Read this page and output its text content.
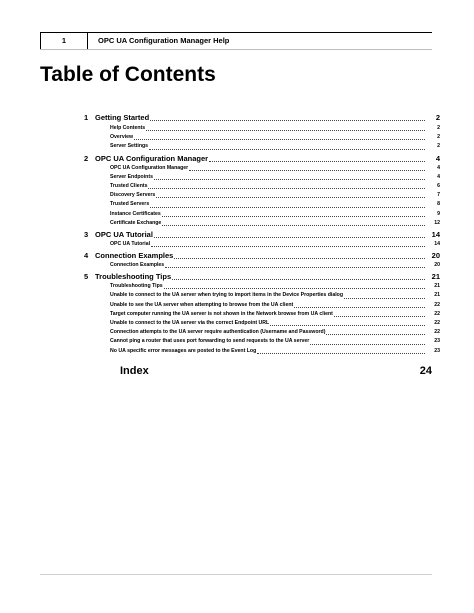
1	OPC UA Configuration Manager Help
Table of Contents
1 Getting Started	2
Help Contents	2
Overview	2
Server Settings	2
2 OPC UA Configuration Manager	4
OPC UA Configuration Manager	4
Server Endpoints	4
Trusted Clients	6
Discovery Servers	7
Trusted Servers	8
Instance Certificates	9
Certificate Exchange	12
3 OPC UA Tutorial	14
OPC UA Tutorial	14
4 Connection Examples	20
Connection Examples	20
5 Troubleshooting Tips	21
Troubleshooting Tips	21
Unable to connect to the UA server when trying to import items in the Device Properties dialog	21
Unable to see the UA server when attempting to browse from the UA client	22
Target computer running the UA server is not shown in the Network browse from UA client	22
Unable to connect to the UA server via the correct Endpoint URL	22
Connection attempts to the UA server require authentication (Username and Password)	22
Cannot ping a router that uses port forwarding to send requests to the UA server	23
No UA specific error messages are posted to the Event Log	23
Index	24
